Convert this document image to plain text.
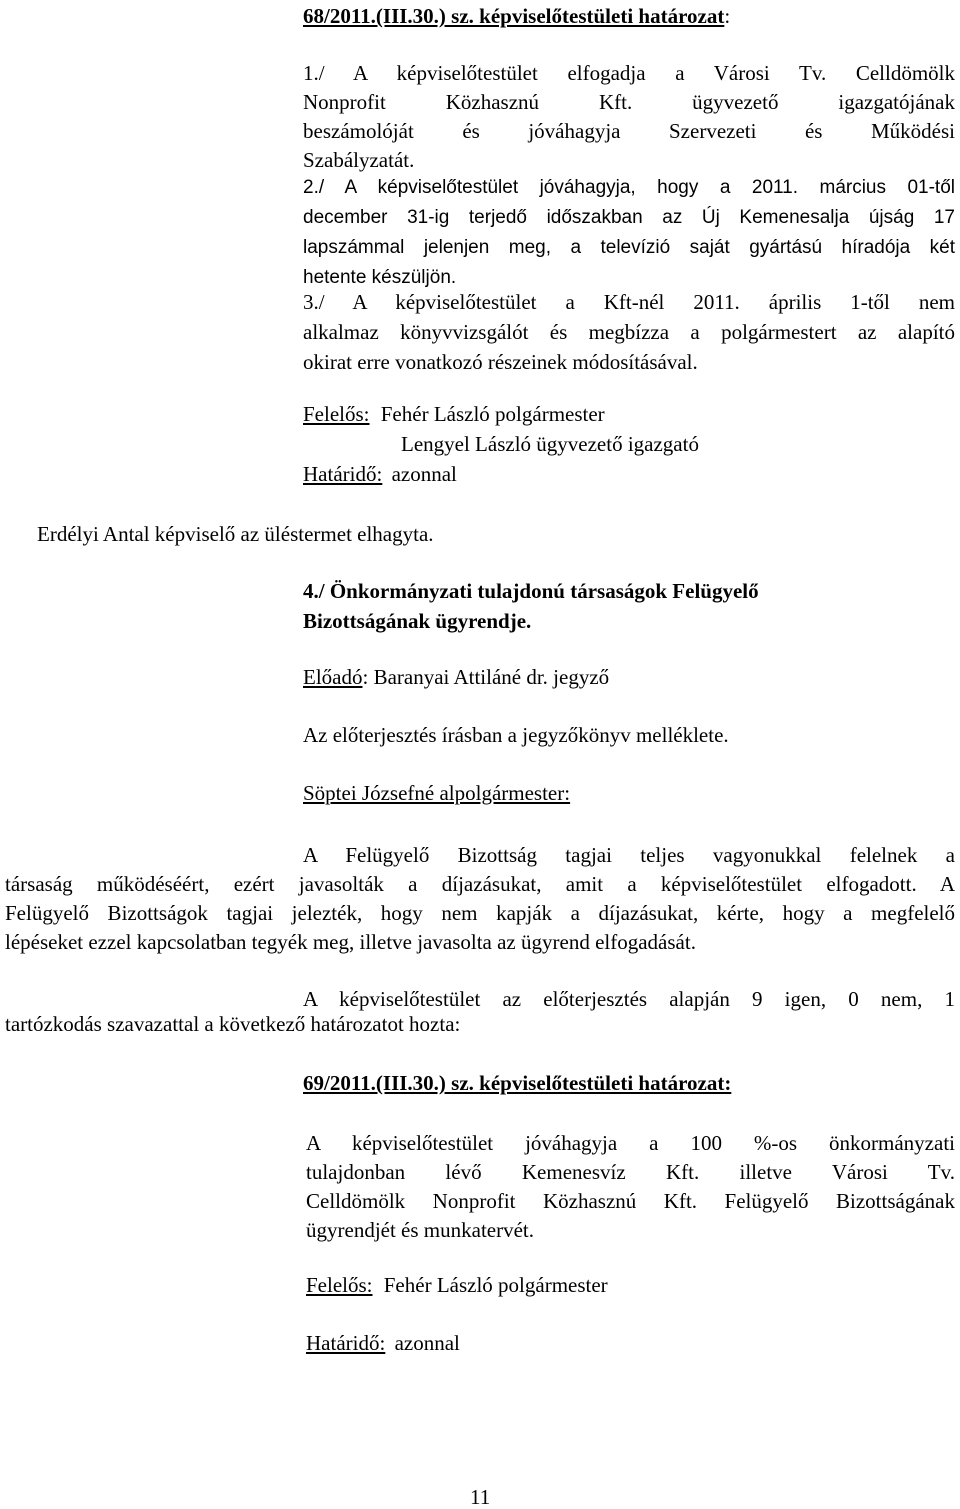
68/2011.(III.30.) sz. képviselőtestületi határozat:
1./ A képviselőtestület elfogadja a Városi Tv. Celldömölk
Nonprofit Közhasznú Kft. ügyvezető igazgatójának
beszámolóját és jóváhagyja Szervezeti és Működési
Szabályzatát.
2./ A képviselőtestület jóváhagyja, hogy a 2011. március 01-től
december 31-ig terjedő időszakban az Új Kemenesalja újság 17
lapszámmal jelenjen meg, a televízió saját gyártású híradója két
hetente készüljön.
3./ A képviselőtestület a Kft-nél 2011. április 1-től nem
alkalmaz könyvvizsgálót és megbízza a polgármestert az alapító
okirat erre vonatkozó részeinek módosításával.
Felelős: Fehér László polgármester
Lengyel László ügyvezető igazgató
Határidő: azonnal
Erdélyi Antal képviselő az üléstermet elhagyta.
4./ Önkormányzati tulajdonú társaságok Felügyelő
Bizottságának ügyrendje.
Előadó: Baranyai Attiláné dr. jegyző
Az előterjesztés írásban a jegyzőkönyv melléklete.
Söptei Józsefné alpolgármester:
A Felügyelő Bizottság tagjai teljes vagyonukkal felelnek a
társaság működéséért, ezért javasolták a díjazásukat, amit a képviselőtestület elfogadott. A
Felügyelő Bizottságok tagjai jelezték, hogy nem kapják a díjazásukat, kérte, hogy a megfelelő
lépéseket ezzel kapcsolatban tegyék meg, illetve javasolta az ügyrend elfogadását.
A képviselőtestület az előterjesztés alapján 9 igen, 0 nem, 1
tartózkodás szavazattal a következő határozatot hozta:
69/2011.(III.30.) sz. képviselőtestületi határozat:
A képviselőtestület jóváhagyja a 100 %-os önkormányzati
tulajdonban lévő Kemenesvíz Kft. illetve Városi Tv.
Celldömölk Nonprofit Közhasznú Kft. Felügyelő Bizottságának
ügyrendjét és munkatervét.
Felelős: Fehér László polgármester
Határidő: azonnal
11
